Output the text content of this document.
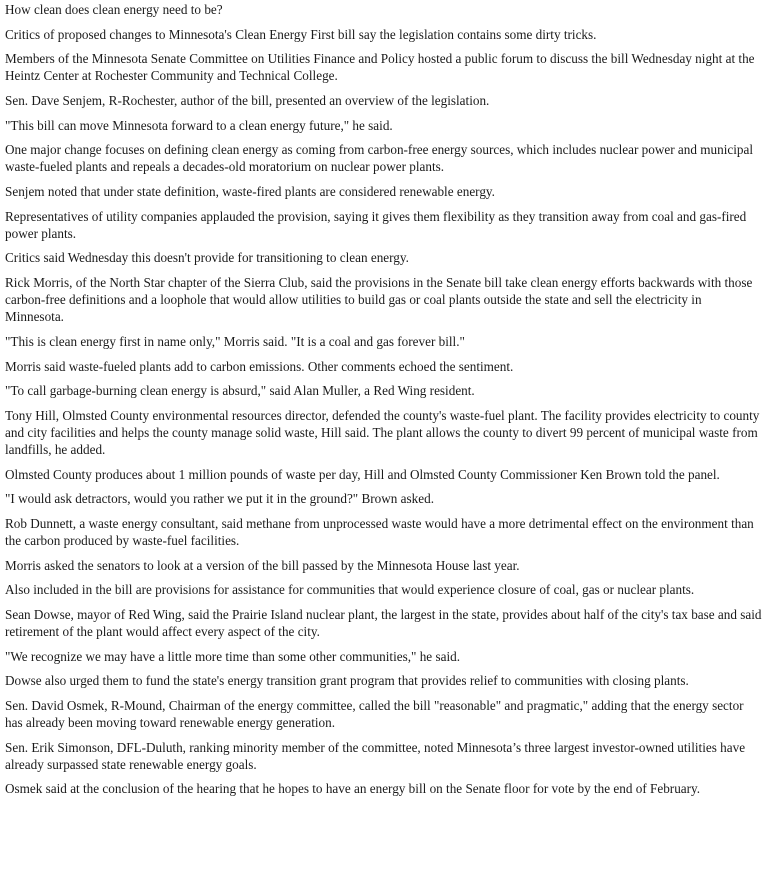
How clean does clean energy need to be?

Critics of proposed changes to Minnesota's Clean Energy First bill say the legislation contains some dirty tricks.

Members of the Minnesota Senate Committee on Utilities Finance and Policy hosted a public forum to discuss the bill Wednesday night at the Heintz Center at Rochester Community and Technical College.

Sen. Dave Senjem, R-Rochester, author of the bill, presented an overview of the legislation.

"This bill can move Minnesota forward to a clean energy future," he said.

One major change focuses on defining clean energy as coming from carbon-free energy sources, which includes nuclear power and municipal waste-fueled plants and repeals a decades-old moratorium on nuclear power plants.

Senjem noted that under state definition, waste-fired plants are considered renewable energy.

Representatives of utility companies applauded the provision, saying it gives them flexibility as they transition away from coal and gas-fired power plants.

Critics said Wednesday this doesn't provide for transitioning to clean energy.

Rick Morris, of the North Star chapter of the Sierra Club, said the provisions in the Senate bill take clean energy efforts backwards with those carbon-free definitions and a loophole that would allow utilities to build gas or coal plants outside the state and sell the electricity in Minnesota.

"This is clean energy first in name only," Morris said. "It is a coal and gas forever bill."

Morris said waste-fueled plants add to carbon emissions. Other comments echoed the sentiment.

"To call garbage-burning clean energy is absurd," said Alan Muller, a Red Wing resident.

Tony Hill, Olmsted County environmental resources director, defended the county's waste-fuel plant. The facility provides electricity to county and city facilities and helps the county manage solid waste, Hill said. The plant allows the county to divert 99 percent of municipal waste from landfills, he added.

Olmsted County produces about 1 million pounds of waste per day, Hill and Olmsted County Commissioner Ken Brown told the panel.

"I would ask detractors, would you rather we put it in the ground?" Brown asked.

Rob Dunnett, a waste energy consultant, said methane from unprocessed waste would have a more detrimental effect on the environment than the carbon produced by waste-fuel facilities.

Morris asked the senators to look at a version of the bill passed by the Minnesota House last year.

Also included in the bill are provisions for assistance for communities that would experience closure of coal, gas or nuclear plants.

Sean Dowse, mayor of Red Wing, said the Prairie Island nuclear plant, the largest in the state, provides about half of the city's tax base and said retirement of the plant would affect every aspect of the city.

"We recognize we may have a little more time than some other communities," he said.

Dowse also urged them to fund the state's energy transition grant program that provides relief to communities with closing plants.

Sen. David Osmek, R-Mound, Chairman of the energy committee, called the bill "reasonable" and pragmatic," adding that the energy sector has already been moving toward renewable energy generation.

Sen. Erik Simonson, DFL-Duluth, ranking minority member of the committee, noted Minnesota’s three largest investor-owned utilities have already surpassed state renewable energy goals.

Osmek said at the conclusion of the hearing that he hopes to have an energy bill on the Senate floor for vote by the end of February.
